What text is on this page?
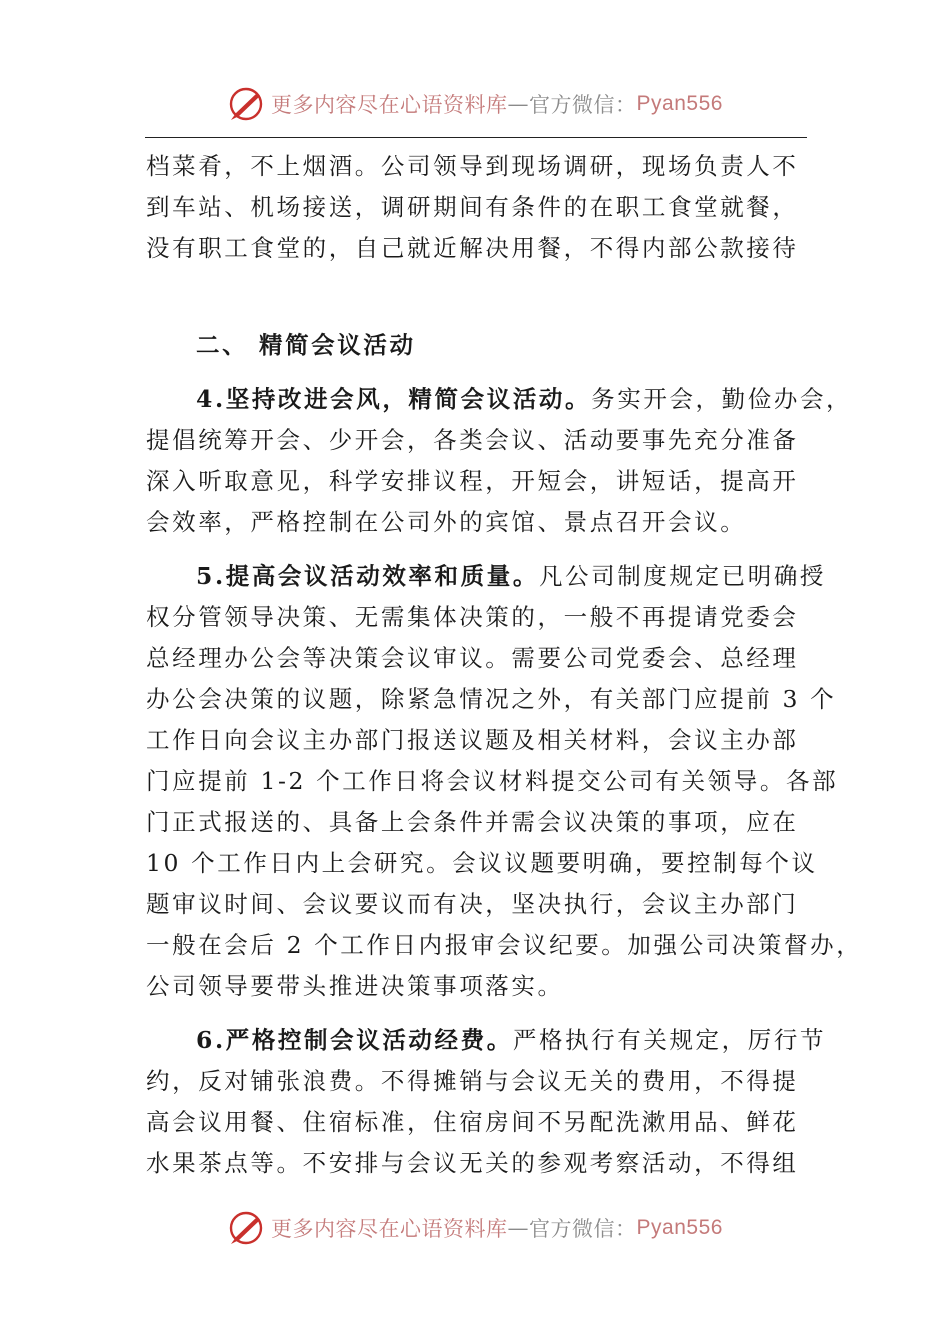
更多内容尽在心语资料库 — 官方微信： Pyan556
档菜肴，不上烟酒。公司领导到现场调研，现场负责人不
到车站、机场接送，调研期间有条件的在职工食堂就餐，
没有职工食堂的，自己就近解决用餐，不得内部公款接待
二、 精简会议活动
4.坚持改进会风，精简会议活动。务实开会，勤俭办会，
提倡统筹开会、少开会，各类会议、活动要事先充分准备
深入听取意见，科学安排议程，开短会，讲短话，提高开
会效率，严格控制在公司外的宾馆、景点召开会议。
5.提高会议活动效率和质量。凡公司制度规定已明确授
权分管领导决策、无需集体决策的，一般不再提请党委会
总经理办公会等决策会议审议。需要公司党委会、总经理
办公会决策的议题，除紧急情况之外，有关部门应提前 3 个
工作日向会议主办部门报送议题及相关材料，会议主办部
门应提前 1-2 个工作日将会议材料提交公司有关领导。各部
门正式报送的、具备上会条件并需会议决策的事项，应在
10 个工作日内上会研究。会议议题要明确，要控制每个议
题审议时间、会议要议而有决，坚决执行，会议主办部门
一般在会后 2 个工作日内报审会议纪要。加强公司决策督办，
公司领导要带头推进决策事项落实。
6.严格控制会议活动经费。严格执行有关规定，厉行节
约，反对铺张浪费。不得摊销与会议无关的费用，不得提
高会议用餐、住宿标准，住宿房间不另配洗漱用品、鲜花
水果茶点等。不安排与会议无关的参观考察活动，不得组
更多内容尽在心语资料库 — 官方微信： Pyan556
